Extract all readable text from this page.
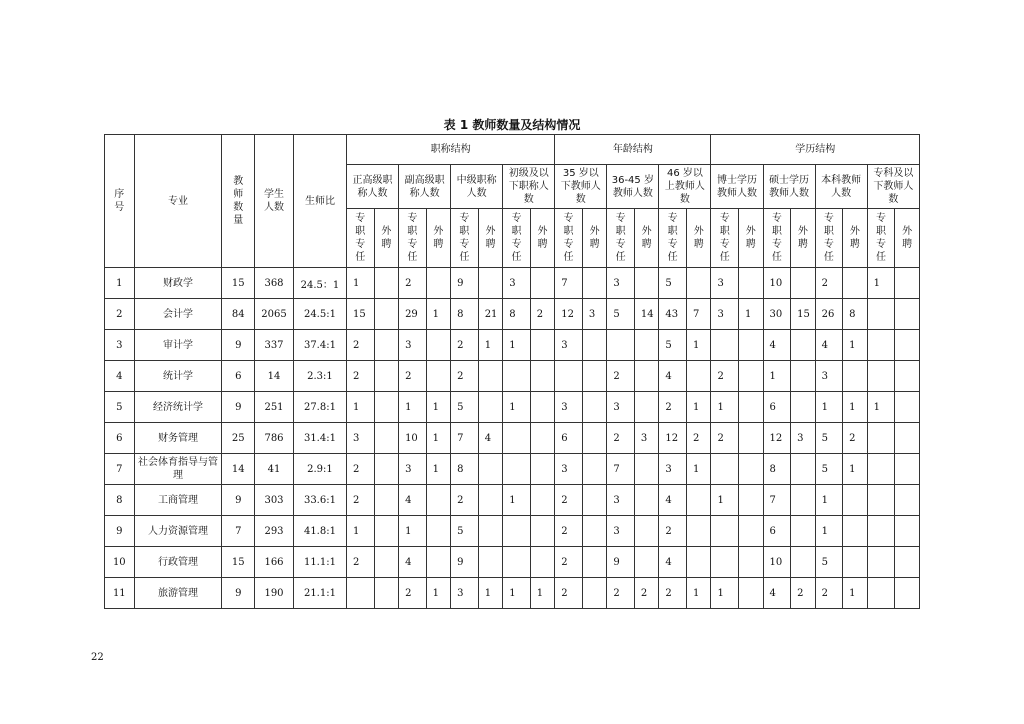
表 1 教师数量及结构情况
序号	专业	教师数量	学生人数	生师比	职称结构								年龄结构						学历结构							
					正高级职称人数		副高级职称人数		中级职称人数		初级及以下职称人数		35 岁以下教师人数		36-45 岁教师人数		46 岁以上教师人数		博士学历教师人数		硕士学历教师人数		本科教师人数		专科及以下教师人数	

					专职专任	外聘	专职专任	外聘	专职专任	外聘	专职专任	外聘	专职专任	外聘	专职专任	外聘	专职专任	外聘	专职专任	外聘	专职专任	外聘	专职专任	外聘	专职专任	外聘

1	财政学	15	368	24.5：1	1		2		9		3		7		3		5		3		10		2		1	
2	会计学	84	2065	24.5:1	15		29	1	8	21	8	2	12	3	5	14	43	7	3	1	30	15	26	8		
3	审计学	9	337	37.4:1	2		3		2	1	1		3				5	1			4		4	1		
4	统计学	6	14	2.3:1	2		2		2						2		4		2		1		3			
5	经济统计学	9	251	27.8:1	1		1	1	5		1		3		3		2	1	1		6		1	1	1	
6	财务管理	25	786	31.4:1	3		10	1	7	4			6		2	3	12	2	2		12	3	5	2		
7	社会体育指导与管理	14	41	2.9:1	2		3	1	8				3		7		3	1			8		5	1		
8	工商管理	9	303	33.6:1	2		4		2		1		2		3		4		1		7		1			
9	人力资源管理	7	293	41.8:1	1		1		5				2		3		2				6		1			
10	行政管理	15	166	11.1:1	2		4		9				2		9		4				10		5			
11	旅游管理	9	190	21.1:1			2	1	3	1	1	1	2		2	2	2	1	1		4	2	2	1		
22
